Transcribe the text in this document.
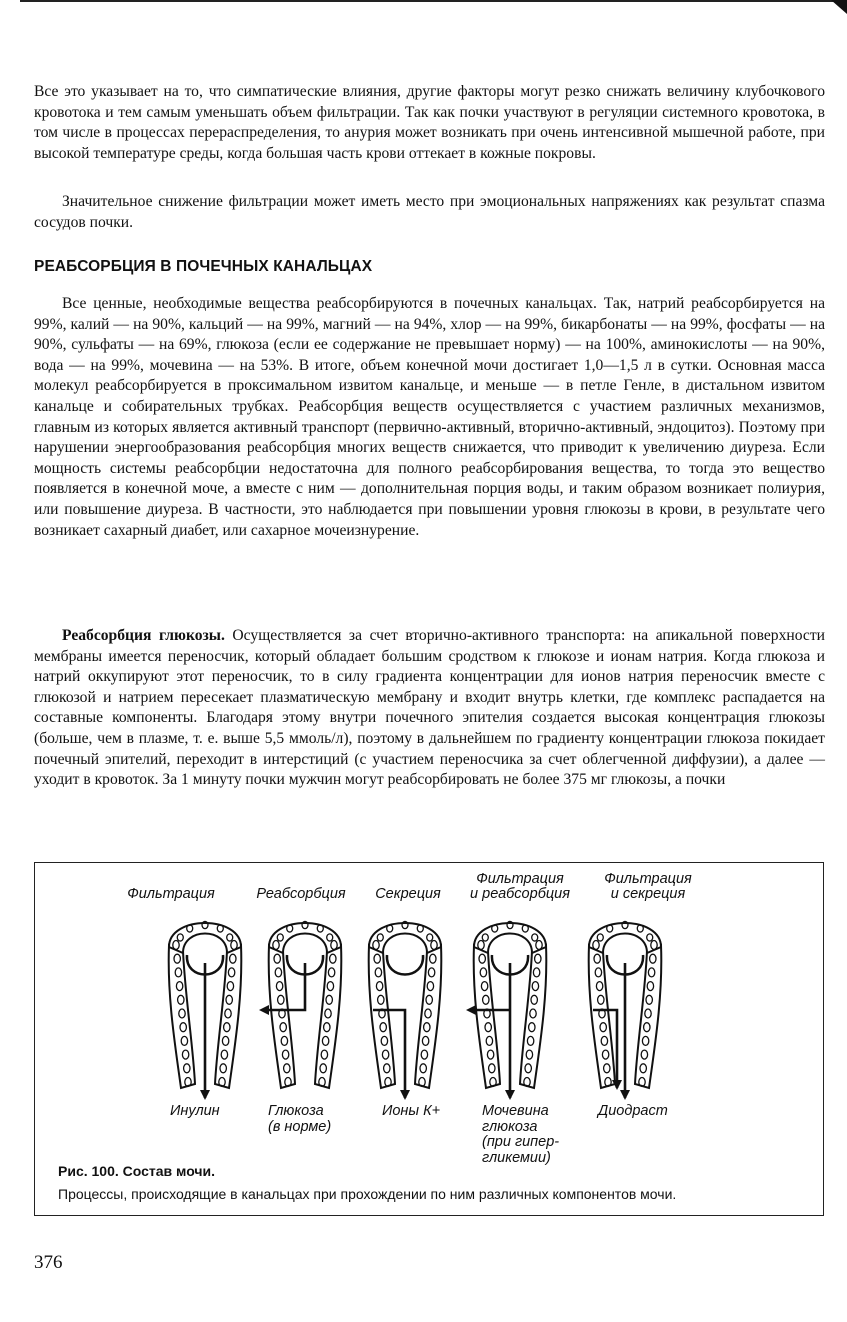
Все это указывает на то, что симпатические влияния, другие факторы могут резко снижать величину клубочкового кровотока и тем самым уменьшать объем фильтрации. Так как почки участвуют в регуляции системного кровотока, в том числе в процессах перераспределения, то анурия может возникать при очень интенсивной мышечной работе, при высокой температуре среды, когда большая часть крови оттекает в кожные покровы.

Значительное снижение фильтрации может иметь место при эмоциональных напряжениях как результат спазма сосудов почки.

РЕАБСОРБЦИЯ В ПОЧЕЧНЫХ КАНАЛЬЦАХ

Все ценные, необходимые вещества реабсорбируются в почечных канальцах. Так, натрий реабсорбируется на 99%, калий — на 90%, кальций — на 99%, магний — на 94%, хлор — на 99%, бикарбонаты — на 99%, фосфаты — на 90%, сульфаты — на 69%, глюкоза (если ее содержание не превышает норму) — на 100%, аминокислоты — на 90%, вода — на 99%, мочевина — на 53%. В итоге, объем конечной мочи достигает 1,0—1,5 л в сутки. Основная масса молекул реабсорбируется в проксимальном извитом канальце, и меньше — в петле Генле, в дистальном извитом канальце и собирательных трубках. Реабсорбция веществ осуществляется с участием различных механизмов, главным из которых является активный транспорт (первично-активный, вторично-активный, эндоцитоз). Поэтому при нарушении энергообразования реабсорбция многих веществ снижается, что приводит к увеличению диуреза. Если мощность системы реабсорбции недостаточна для полного реабсорбирования вещества, то тогда это вещество появляется в конечной моче, а вместе с ним — дополнительная порция воды, и таким образом возникает полиурия, или повышение диуреза. В частности, это наблюдается при повышении уровня глюкозы в крови, в результате чего возникает сахарный диабет, или сахарное мочеизнурение.

Реабсорбция глюкозы. Осуществляется за счет вторично-активного транспорта: на апикальной поверхности мембраны имеется переносчик, который обладает большим сродством к глюкозе и ионам натрия. Когда глюкоза и натрий оккупируют этот переносчик, то в силу градиента концентрации для ионов натрия переносчик вместе с глюкозой и натрием пересекает плазматическую мембрану и входит внутрь клетки, где комплекс распадается на составные компоненты. Благодаря этому внутри почечного эпителия создается высокая концентрация глюкозы (больше, чем в плазме, т. е. выше 5,5 ммоль/л), поэтому в дальнейшем по градиенту концентрации глюкоза покидает почечный эпителий, переходит в интерстиций (с участием переносчика за счет облегченной диффузии), а далее — уходит в кровоток. За 1 минуту почки мужчин могут реабсорбировать не более 375 мг глюкозы, а почки

Фильтрация	Реабсорбция	Секреция
Фильтрация
и реабсорбция
Фильтрация
и секреция
Инулин	Глюкоза
(в норме)
Ионы К+	Мочевина
глюкоза
(при гипер-
гликемии)
Диодраст
Рис. 100. Состав мочи.
Процессы, происходящие в канальцах при прохождении по ним различных компонентов мочи.
376
